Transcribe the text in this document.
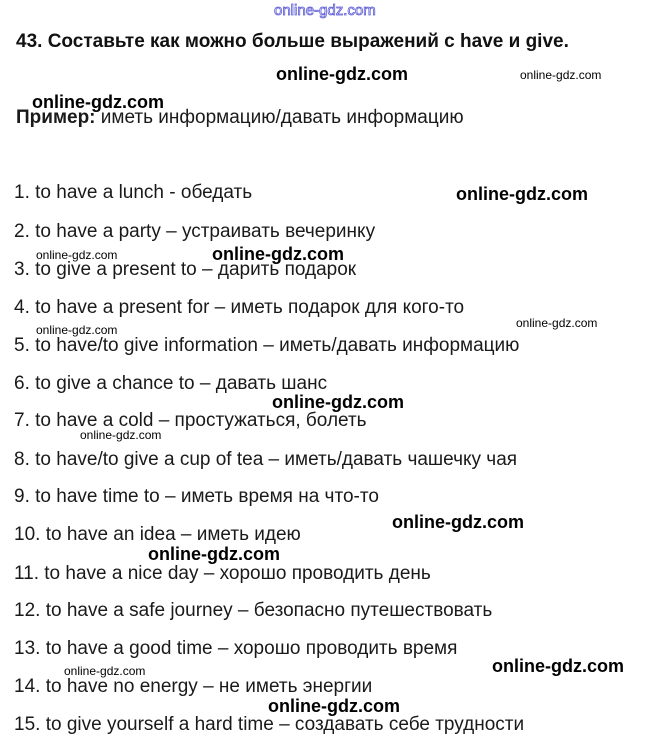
online-gdz.com
43. Составьте как можно больше выражений с have и give.
Пример: иметь информацию/давать информацию
1. to have a lunch - обедать
2. to have a party – устраивать вечеринку
3. to give a present to – дарить подарок
4. to have a present for – иметь подарок для кого-то
5. to have/to give information – иметь/давать информацию
6. to give a chance to – давать шанс
7. to have a cold – простужаться, болеть
8. to have/to give a cup of tea – иметь/давать чашечку чая
9. to have time to – иметь время на что-то
10. to have an idea – иметь идею
11. to have a nice day – хорошо проводить день
12. to have a safe journey – безопасно путешествовать
13. to have a good time – хорошо проводить время
14. to have no energy – не иметь энергии
15. to give yourself a hard time – создавать себе трудности
online-gdz.com	online-gdz.com
online-gdz.com
online-gdz.com
online-gdz.com	online-gdz.com
online-gdz.com
online-gdz.com
online-gdz.com
online-gdz.com
online-gdz.com
online-gdz.com
online-gdz.com
online-gdz.com
online-gdz.com
